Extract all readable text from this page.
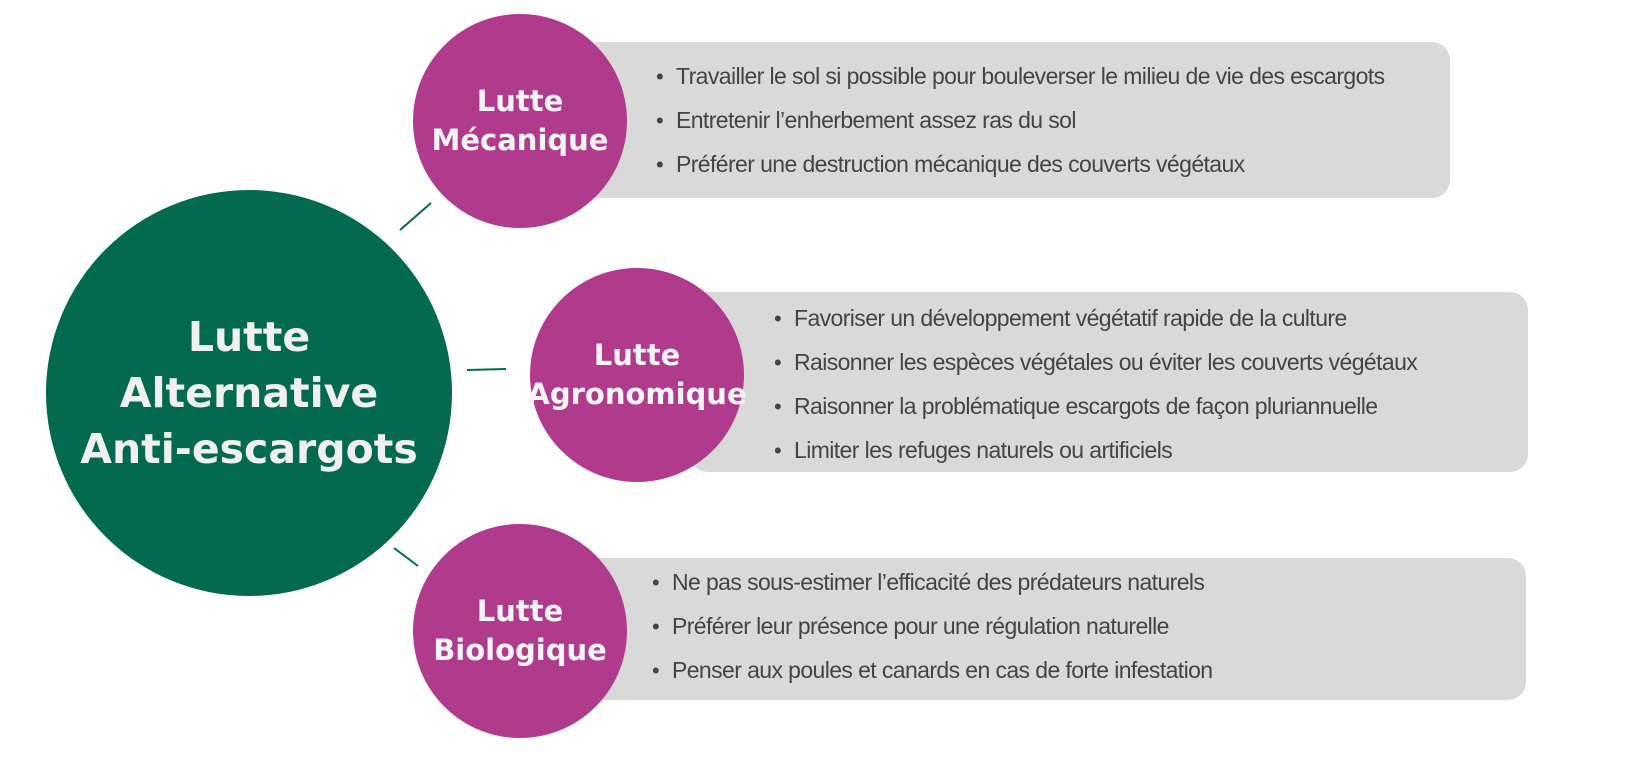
Lutte
Alternative
Anti-escargots
• Travailler le sol si possible pour bouleverser le milieu de vie des escargots
• Entretenir l’enherbement assez ras du sol
• Préférer une destruction mécanique des couverts végétaux
Lutte
Mécanique
• Favoriser un développement végétatif rapide de la culture
• Raisonner les espèces végétales ou éviter les couverts végétaux
• Raisonner la problématique escargots de façon pluriannuelle
• Limiter les refuges naturels ou artificiels
Lutte
Agronomique
• Ne pas sous-estimer l’efficacité des prédateurs naturels
• Préférer leur présence pour une régulation naturelle
• Penser aux poules et canards en cas de forte infestation
Lutte
Biologique
